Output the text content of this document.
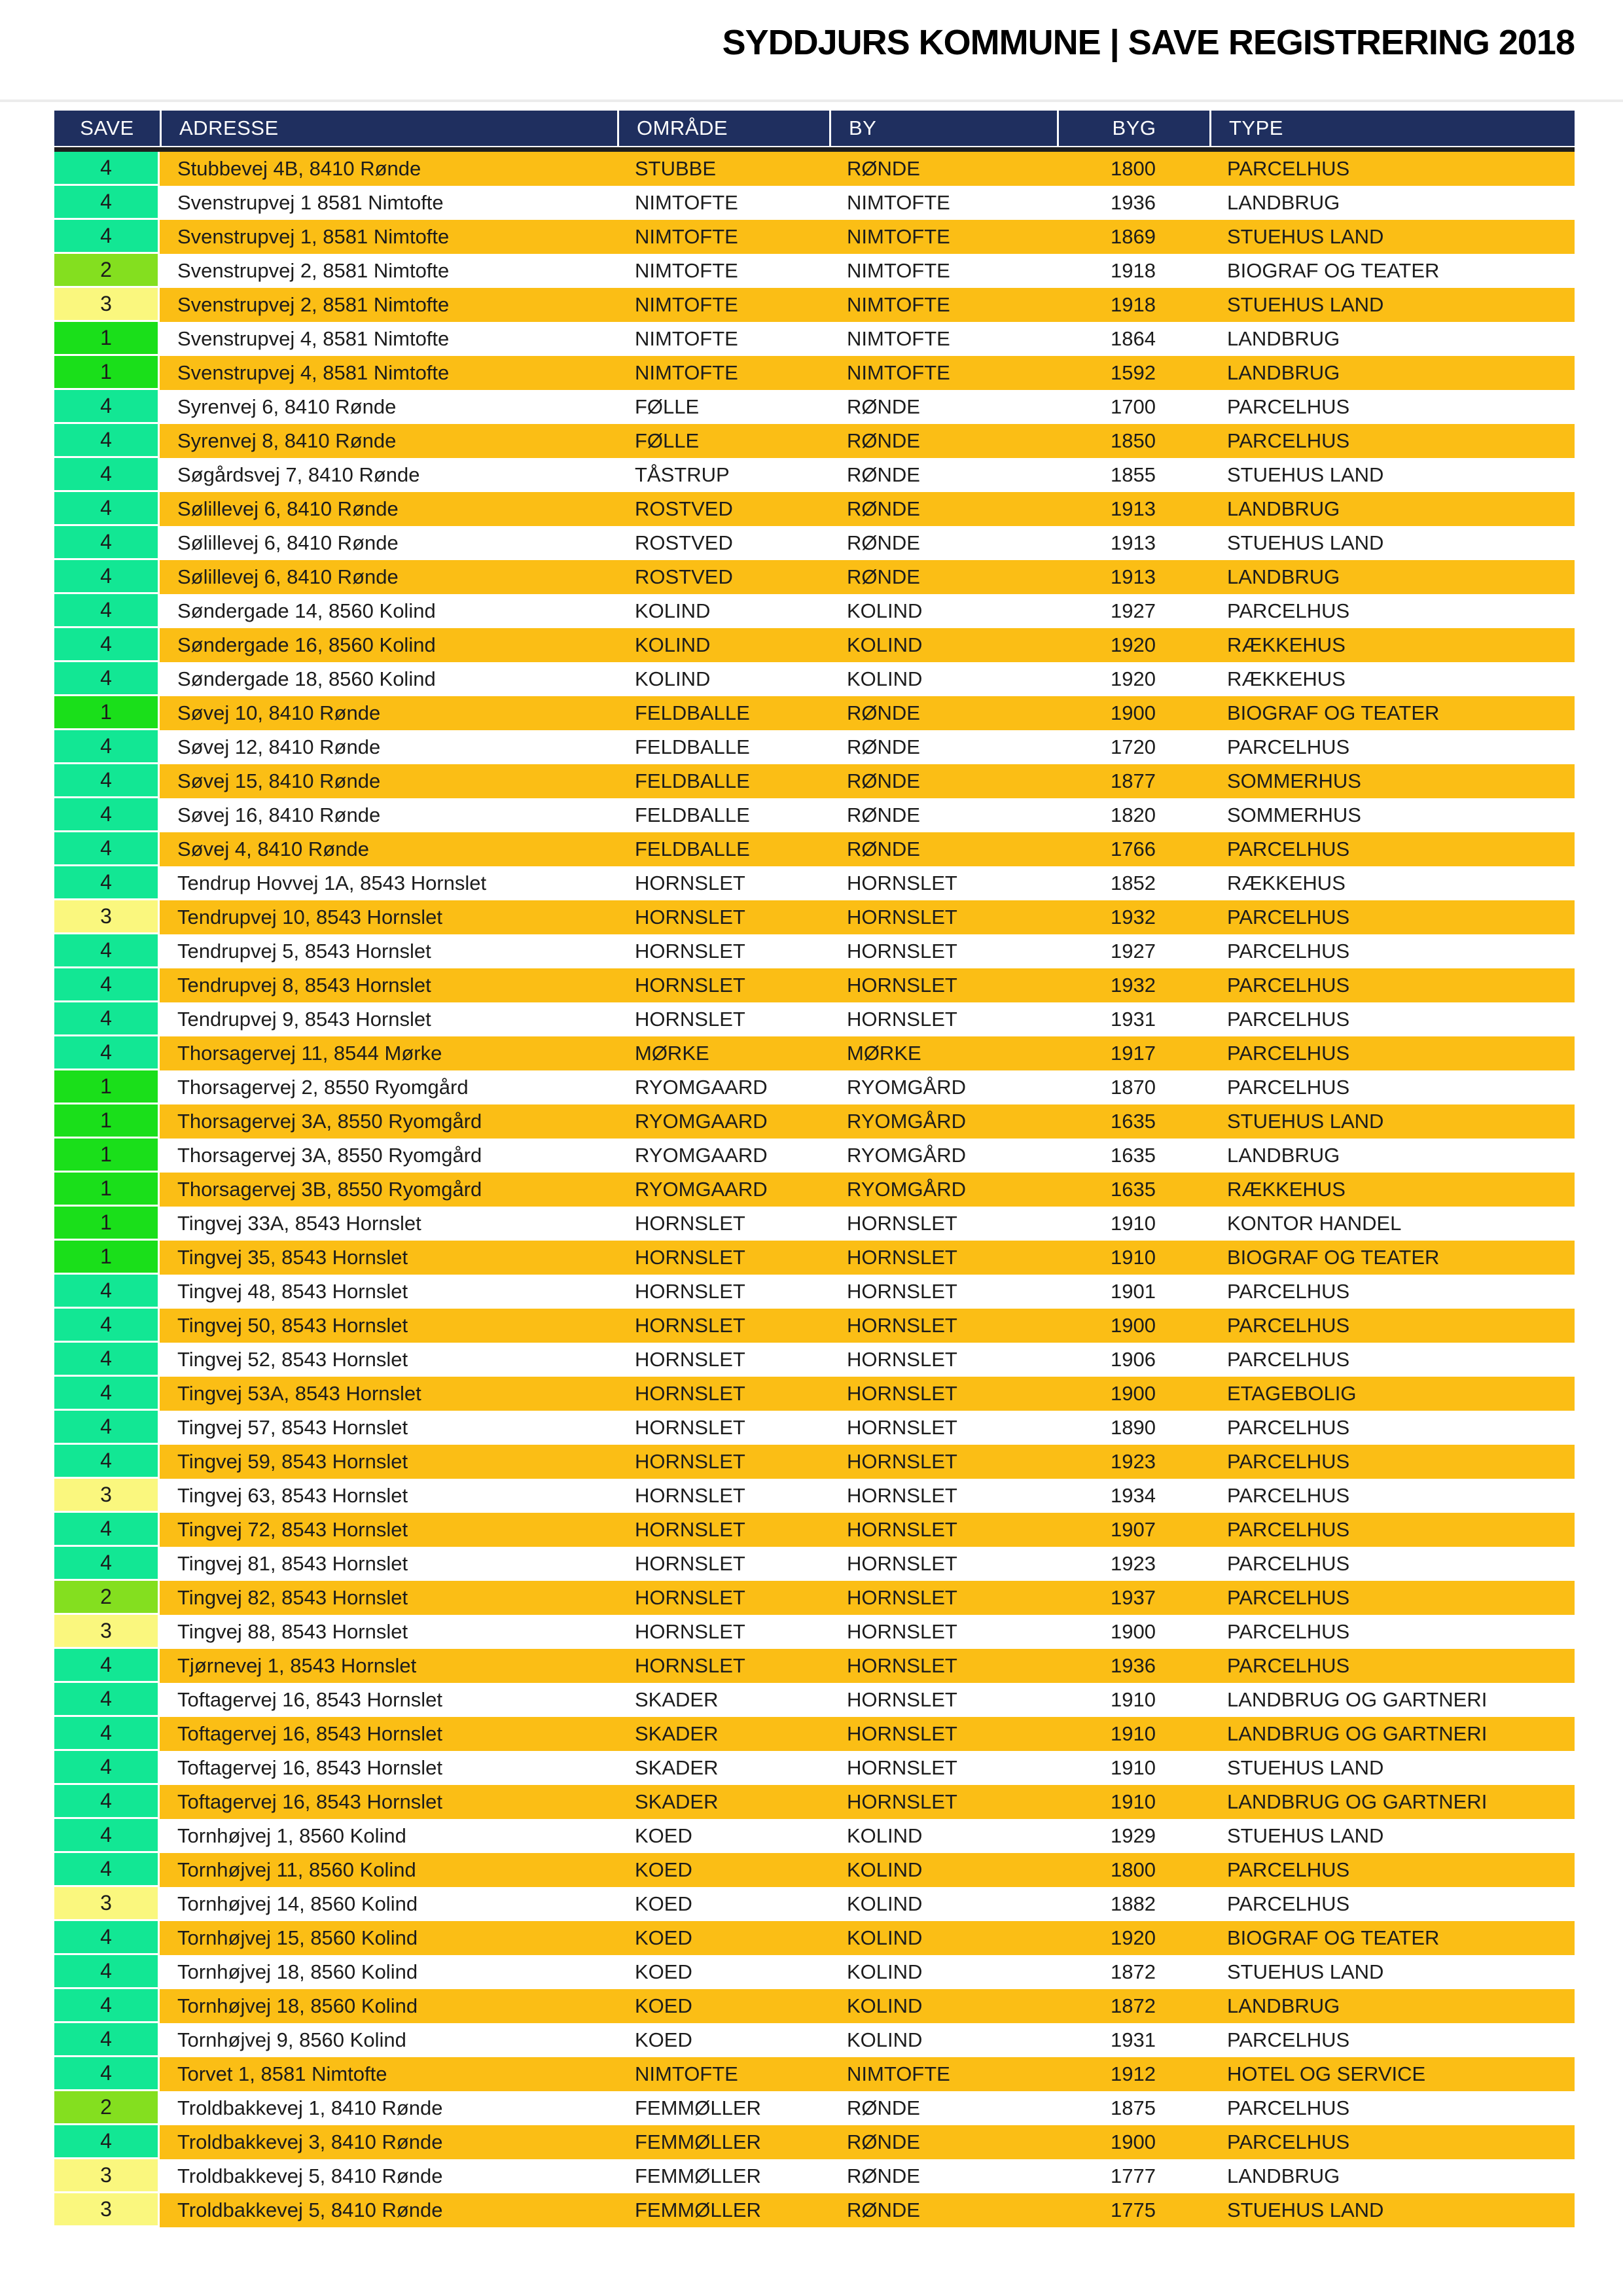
SYDDJURS KOMMUNE | SAVE REGISTRERING 2018
SAVE	ADRESSE	OMRÅDE	BY	BYG	TYPE
4	Stubbevej 4B, 8410 Rønde	STUBBE	RØNDE	1800	PARCELHUS
4	Svenstrupvej 1 8581 Nimtofte	NIMTOFTE	NIMTOFTE	1936	LANDBRUG
4	Svenstrupvej 1, 8581 Nimtofte	NIMTOFTE	NIMTOFTE	1869	STUEHUS LAND
2	Svenstrupvej 2, 8581 Nimtofte	NIMTOFTE	NIMTOFTE	1918	BIOGRAF OG TEATER
3	Svenstrupvej 2, 8581 Nimtofte	NIMTOFTE	NIMTOFTE	1918	STUEHUS LAND
1	Svenstrupvej 4, 8581 Nimtofte	NIMTOFTE	NIMTOFTE	1864	LANDBRUG
1	Svenstrupvej 4, 8581 Nimtofte	NIMTOFTE	NIMTOFTE	1592	LANDBRUG
4	Syrenvej 6, 8410 Rønde	FØLLE	RØNDE	1700	PARCELHUS
4	Syrenvej 8, 8410 Rønde	FØLLE	RØNDE	1850	PARCELHUS
4	Søgårdsvej 7, 8410 Rønde	TÅSTRUP	RØNDE	1855	STUEHUS LAND
4	Sølillevej 6, 8410 Rønde	ROSTVED	RØNDE	1913	LANDBRUG
4	Sølillevej 6, 8410 Rønde	ROSTVED	RØNDE	1913	STUEHUS LAND
4	Sølillevej 6, 8410 Rønde	ROSTVED	RØNDE	1913	LANDBRUG
4	Søndergade 14, 8560 Kolind	KOLIND	KOLIND	1927	PARCELHUS
4	Søndergade 16, 8560 Kolind	KOLIND	KOLIND	1920	RÆKKEHUS
4	Søndergade 18, 8560 Kolind	KOLIND	KOLIND	1920	RÆKKEHUS
1	Søvej 10, 8410 Rønde	FELDBALLE	RØNDE	1900	BIOGRAF OG TEATER
4	Søvej 12, 8410 Rønde	FELDBALLE	RØNDE	1720	PARCELHUS
4	Søvej 15, 8410 Rønde	FELDBALLE	RØNDE	1877	SOMMERHUS
4	Søvej 16, 8410 Rønde	FELDBALLE	RØNDE	1820	SOMMERHUS
4	Søvej 4, 8410 Rønde	FELDBALLE	RØNDE	1766	PARCELHUS
4	Tendrup Hovvej 1A, 8543 Hornslet	HORNSLET	HORNSLET	1852	RÆKKEHUS
3	Tendrupvej 10, 8543 Hornslet	HORNSLET	HORNSLET	1932	PARCELHUS
4	Tendrupvej 5, 8543 Hornslet	HORNSLET	HORNSLET	1927	PARCELHUS
4	Tendrupvej 8, 8543 Hornslet	HORNSLET	HORNSLET	1932	PARCELHUS
4	Tendrupvej 9, 8543 Hornslet	HORNSLET	HORNSLET	1931	PARCELHUS
4	Thorsagervej 11, 8544 Mørke	MØRKE	MØRKE	1917	PARCELHUS
1	Thorsagervej 2, 8550 Ryomgård	RYOMGAARD	RYOMGÅRD	1870	PARCELHUS
1	Thorsagervej 3A, 8550 Ryomgård	RYOMGAARD	RYOMGÅRD	1635	STUEHUS LAND
1	Thorsagervej 3A, 8550 Ryomgård	RYOMGAARD	RYOMGÅRD	1635	LANDBRUG
1	Thorsagervej 3B, 8550 Ryomgård	RYOMGAARD	RYOMGÅRD	1635	RÆKKEHUS
1	Tingvej 33A, 8543 Hornslet	HORNSLET	HORNSLET	1910	KONTOR HANDEL
1	Tingvej 35, 8543 Hornslet	HORNSLET	HORNSLET	1910	BIOGRAF OG TEATER
4	Tingvej 48, 8543 Hornslet	HORNSLET	HORNSLET	1901	PARCELHUS
4	Tingvej 50, 8543 Hornslet	HORNSLET	HORNSLET	1900	PARCELHUS
4	Tingvej 52, 8543 Hornslet	HORNSLET	HORNSLET	1906	PARCELHUS
4	Tingvej 53A, 8543 Hornslet	HORNSLET	HORNSLET	1900	ETAGEBOLIG
4	Tingvej 57, 8543 Hornslet	HORNSLET	HORNSLET	1890	PARCELHUS
4	Tingvej 59, 8543 Hornslet	HORNSLET	HORNSLET	1923	PARCELHUS
3	Tingvej 63, 8543 Hornslet	HORNSLET	HORNSLET	1934	PARCELHUS
4	Tingvej 72, 8543 Hornslet	HORNSLET	HORNSLET	1907	PARCELHUS
4	Tingvej 81, 8543 Hornslet	HORNSLET	HORNSLET	1923	PARCELHUS
2	Tingvej 82, 8543 Hornslet	HORNSLET	HORNSLET	1937	PARCELHUS
3	Tingvej 88, 8543 Hornslet	HORNSLET	HORNSLET	1900	PARCELHUS
4	Tjørnevej 1, 8543 Hornslet	HORNSLET	HORNSLET	1936	PARCELHUS
4	Toftagervej 16, 8543 Hornslet	SKADER	HORNSLET	1910	LANDBRUG OG GARTNERI
4	Toftagervej 16, 8543 Hornslet	SKADER	HORNSLET	1910	LANDBRUG OG GARTNERI
4	Toftagervej 16, 8543 Hornslet	SKADER	HORNSLET	1910	STUEHUS LAND
4	Toftagervej 16, 8543 Hornslet	SKADER	HORNSLET	1910	LANDBRUG OG GARTNERI
4	Tornhøjvej 1, 8560 Kolind	KOED	KOLIND	1929	STUEHUS LAND
4	Tornhøjvej 11, 8560 Kolind	KOED	KOLIND	1800	PARCELHUS
3	Tornhøjvej 14, 8560 Kolind	KOED	KOLIND	1882	PARCELHUS
4	Tornhøjvej 15, 8560 Kolind	KOED	KOLIND	1920	BIOGRAF OG TEATER
4	Tornhøjvej 18, 8560 Kolind	KOED	KOLIND	1872	STUEHUS LAND
4	Tornhøjvej 18, 8560 Kolind	KOED	KOLIND	1872	LANDBRUG
4	Tornhøjvej 9, 8560 Kolind	KOED	KOLIND	1931	PARCELHUS
4	Torvet 1, 8581 Nimtofte	NIMTOFTE	NIMTOFTE	1912	HOTEL OG SERVICE
2	Troldbakkevej 1, 8410 Rønde	FEMMØLLER	RØNDE	1875	PARCELHUS
4	Troldbakkevej 3, 8410 Rønde	FEMMØLLER	RØNDE	1900	PARCELHUS
3	Troldbakkevej 5, 8410 Rønde	FEMMØLLER	RØNDE	1777	LANDBRUG
3	Troldbakkevej 5, 8410 Rønde	FEMMØLLER	RØNDE	1775	STUEHUS LAND
